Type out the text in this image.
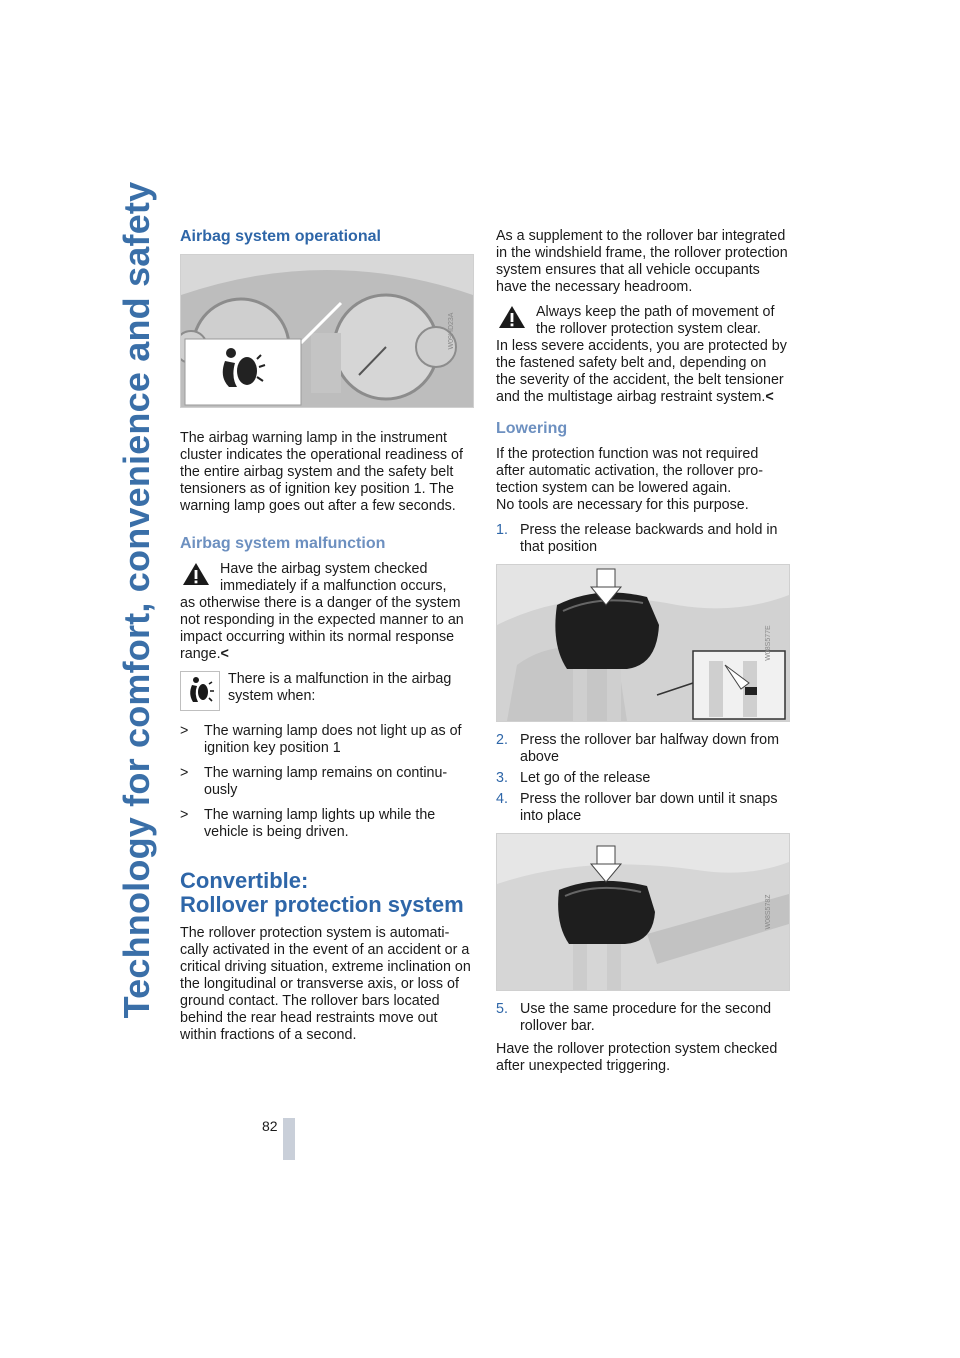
Technology for comfort, convenience and safety Airbag system operational
W09HD23A

The airbag warning lamp in the instrument cluster indicates the operational readiness of the entire airbag system and the safety belt tensioners as of ignition key position 1. The warning lamp goes out after a few seconds.

Airbag system malfunction

Have the airbag system checked immediately if a malfunction occurs,

as otherwise there is a danger of the system not responding in the expected manner to an impact occurring within its normal response range.<

There is a malfunction in the airbag system when:

> The warning lamp does not light up as of ignition key position 1
> The warning lamp remains on continuously
> The warning lamp lights up while the vehicle is being driven.
Convertible:
Rollover protection system

The rollover protection system is automatically activated in the event of an accident or a critical driving situation, extreme inclination on the longitudinal or transverse axis, or loss of ground contact. The rollover bars located behind the rear head restraints move out within fractions of a second.

As a supplement to the rollover bar integrated in the windshield frame, the rollover protection system ensures that all vehicle occupants have the necessary headroom.

Always keep the path of movement of the rollover protection system clear.

In less severe accidents, you are protected by the fastened safety belt and, depending on the severity of the accident, the belt tensioner and the multistage airbag restraint system.<

Lowering

If the protection function was not required after automatic activation, the rollover protection system can be lowered again.

No tools are necessary for this purpose.

1. Press the release backwards and hold in that position
W08S577E
2. Press the rollover bar halfway down from above
3. Let go of the release
4. Press the rollover bar down until it snaps into place
W08S578Z
5. Use the same procedure for the second rollover bar.

Have the rollover protection system checked after unexpected triggering.

82
